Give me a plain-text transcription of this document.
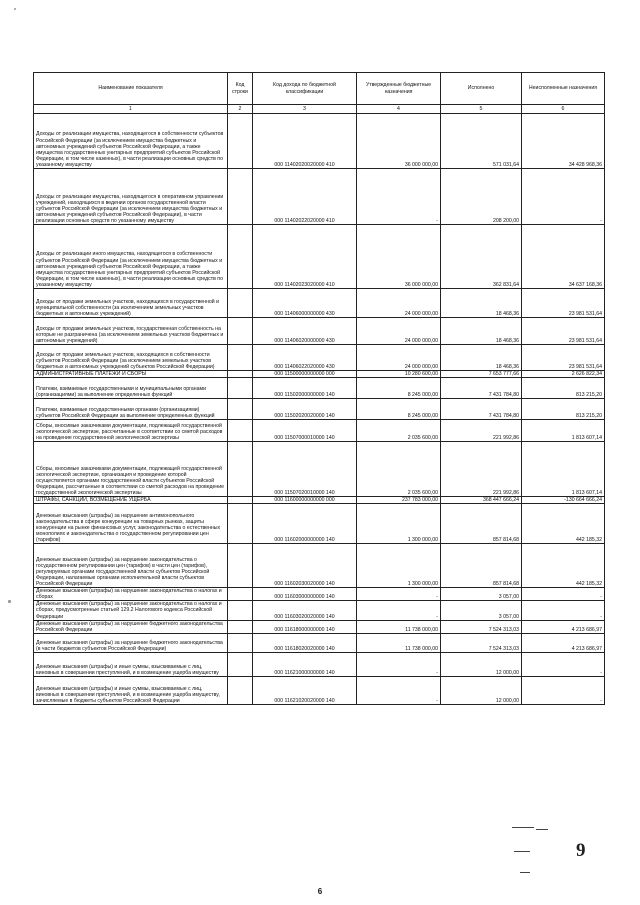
Наименование показателя	Код строки	Код дохода по бюджетной классификации	Утвержденные бюджетные назначения	Исполнено	Неисполненные назначения
1	2	3	4	5	6
Доходы от реализации имущества, находящегося в собственности субъектов Российской Федерации (за исключением имущества бюджетных и автономных учреждений субъектов Российской Федерации, а также имущества государственных унитарных предприятий субъектов Российской Федерации, в том числе казенных), в части реализации основных средств по указанному имуществу		000 11402020020000 410	36 000 000,00	571 031,64	34 428 968,36
Доходы от реализации имущества, находящегося в оперативном управлении учреждений, находящихся в ведении органов государственной власти субъектов Российской Федерации (за исключением имущества бюджетных и автономных учреждений субъектов Российской Федерации), в части реализации основных средств по указанному имуществу		000 11402022020000 410	-	208 200,00	-
Доходы от реализации иного имущества, находящегося в собственности субъектов Российской Федерации (за исключением имущества бюджетных и автономных учреждений субъектов Российской Федерации, а также имущества государственных унитарных предприятий субъектов Российской Федерации, в том числе казенных), в части реализации основных средств по указанному имуществу		000 11402023020000 410	36 000 000,00	362 831,64	34 637 168,36
Доходы от продажи земельных участков, находящихся в государственной и муниципальной собственности (за исключением земельных участков бюджетных и автономных учреждений)		000 11406000000000 430	24 000 000,00	18 468,36	23 981 531,64
Доходы от продажи земельных участков, государственная собственность на которые не разграничена (за исключением земельных участков бюджетных и автономных учреждений)		000 11406020000000 430	24 000 000,00	18 468,36	23 981 531,64
Доходы от продажи земельных участков, находящихся в собственности субъектов Российской Федерации (за исключением земельных участков бюджетных и автономных учреждений субъектов Российской Федерации)		000 11406022020000 430	24 000 000,00	18 468,36	23 981 531,64
АДМИНИСТРАТИВНЫЕ ПЛАТЕЖИ И СБОРЫ		000 11500000000000 000	10 280 600,00	7 653 777,66	2 626 822,34
Платежи, взимаемые государственными и муниципальными органами (организациями) за выполнение определенных функций		000 11502000000000 140	8 245 000,00	7 431 784,80	813 215,20
Платежи, взимаемые государственными органами (организациями) субъектов Российской Федерации за выполнение определенных функций		000 11502020020000 140	8 245 000,00	7 431 784,80	813 215,20
Сборы, вносимые заказчиками документации, подлежащей государственной экологической экспертизе, рассчитанные в соответствии со сметой расходов на проведение государственной экологической экспертизы		000 11507000010000 140	2 035 600,00	221 992,86	1 813 607,14
Сборы, вносимые заказчиками документации, подлежащей государственной экологической экспертизе, организация и проведение которой осуществляется органами государственной власти субъектов Российской Федерации, рассчитанные в соответствии со сметой расходов на проведение государственной экологической экспертизы		000 11507020010000 140	2 035 600,00	221 992,86	1 813 607,14
ШТРАФЫ, САНКЦИИ, ВОЗМЕЩЕНИЕ УЩЕРБА		000 11600000000000 000	237 783 000,00	368 447 666,24	-130 664 666,24
Денежные взыскания (штрафы) за нарушение антимонопольного законодательства в сфере конкуренции на товарных рынках, защиты конкуренции на рынке финансовых услуг, законодательства о естественных монополиях и законодательства о государственном регулировании цен (тарифов)		000 11602000000000 140	1 300 000,00	857 814,68	442 185,32
Денежные взыскания (штрафы) за нарушение законодательства о государственном регулировании цен (тарифов) в части цен (тарифов), регулируемых органами государственной власти субъектов Российской Федерации, налагаемые органами исполнительной власти субъектов Российской Федерации		000 11602030020000 140	1 300 000,00	857 814,68	442 185,32
Денежные взыскания (штрафы) за нарушение законодательства о налогах и сборах		000 11603000000000 140	-	3 057,00	-
Денежные взыскания (штрафы) за нарушение законодательства о налогах и сборах, предусмотренные статьей 129.2 Налогового кодекса Российской Федерации		000 11603020020000 140	-	3 057,00	-
Денежные взыскания (штрафы) за нарушение бюджетного законодательства Российской Федерации		000 11618000000000 140	11 738 000,00	7 524 313,03	4 213 686,97
Денежные взыскания (штрафы) за нарушение бюджетного законодательства (в части бюджетов субъектов Российской Федерации)		000 11618020020000 140	11 738 000,00	7 524 313,03	4 213 686,97
Денежные взыскания (штрафы) и иные суммы, взыскиваемые с лиц, виновных в совершении преступлений, и в возмещение ущерба имуществу		000 11621000000000 140	-	12 000,00	-
Денежные взыскания (штрафы) и иные суммы, взыскиваемые с лиц, виновных в совершении преступлений, и в возмещение ущерба имуществу, зачисляемые в бюджеты субъектов Российской Федерации		000 11621020020000 140	-	12 000,00	-
9
6
